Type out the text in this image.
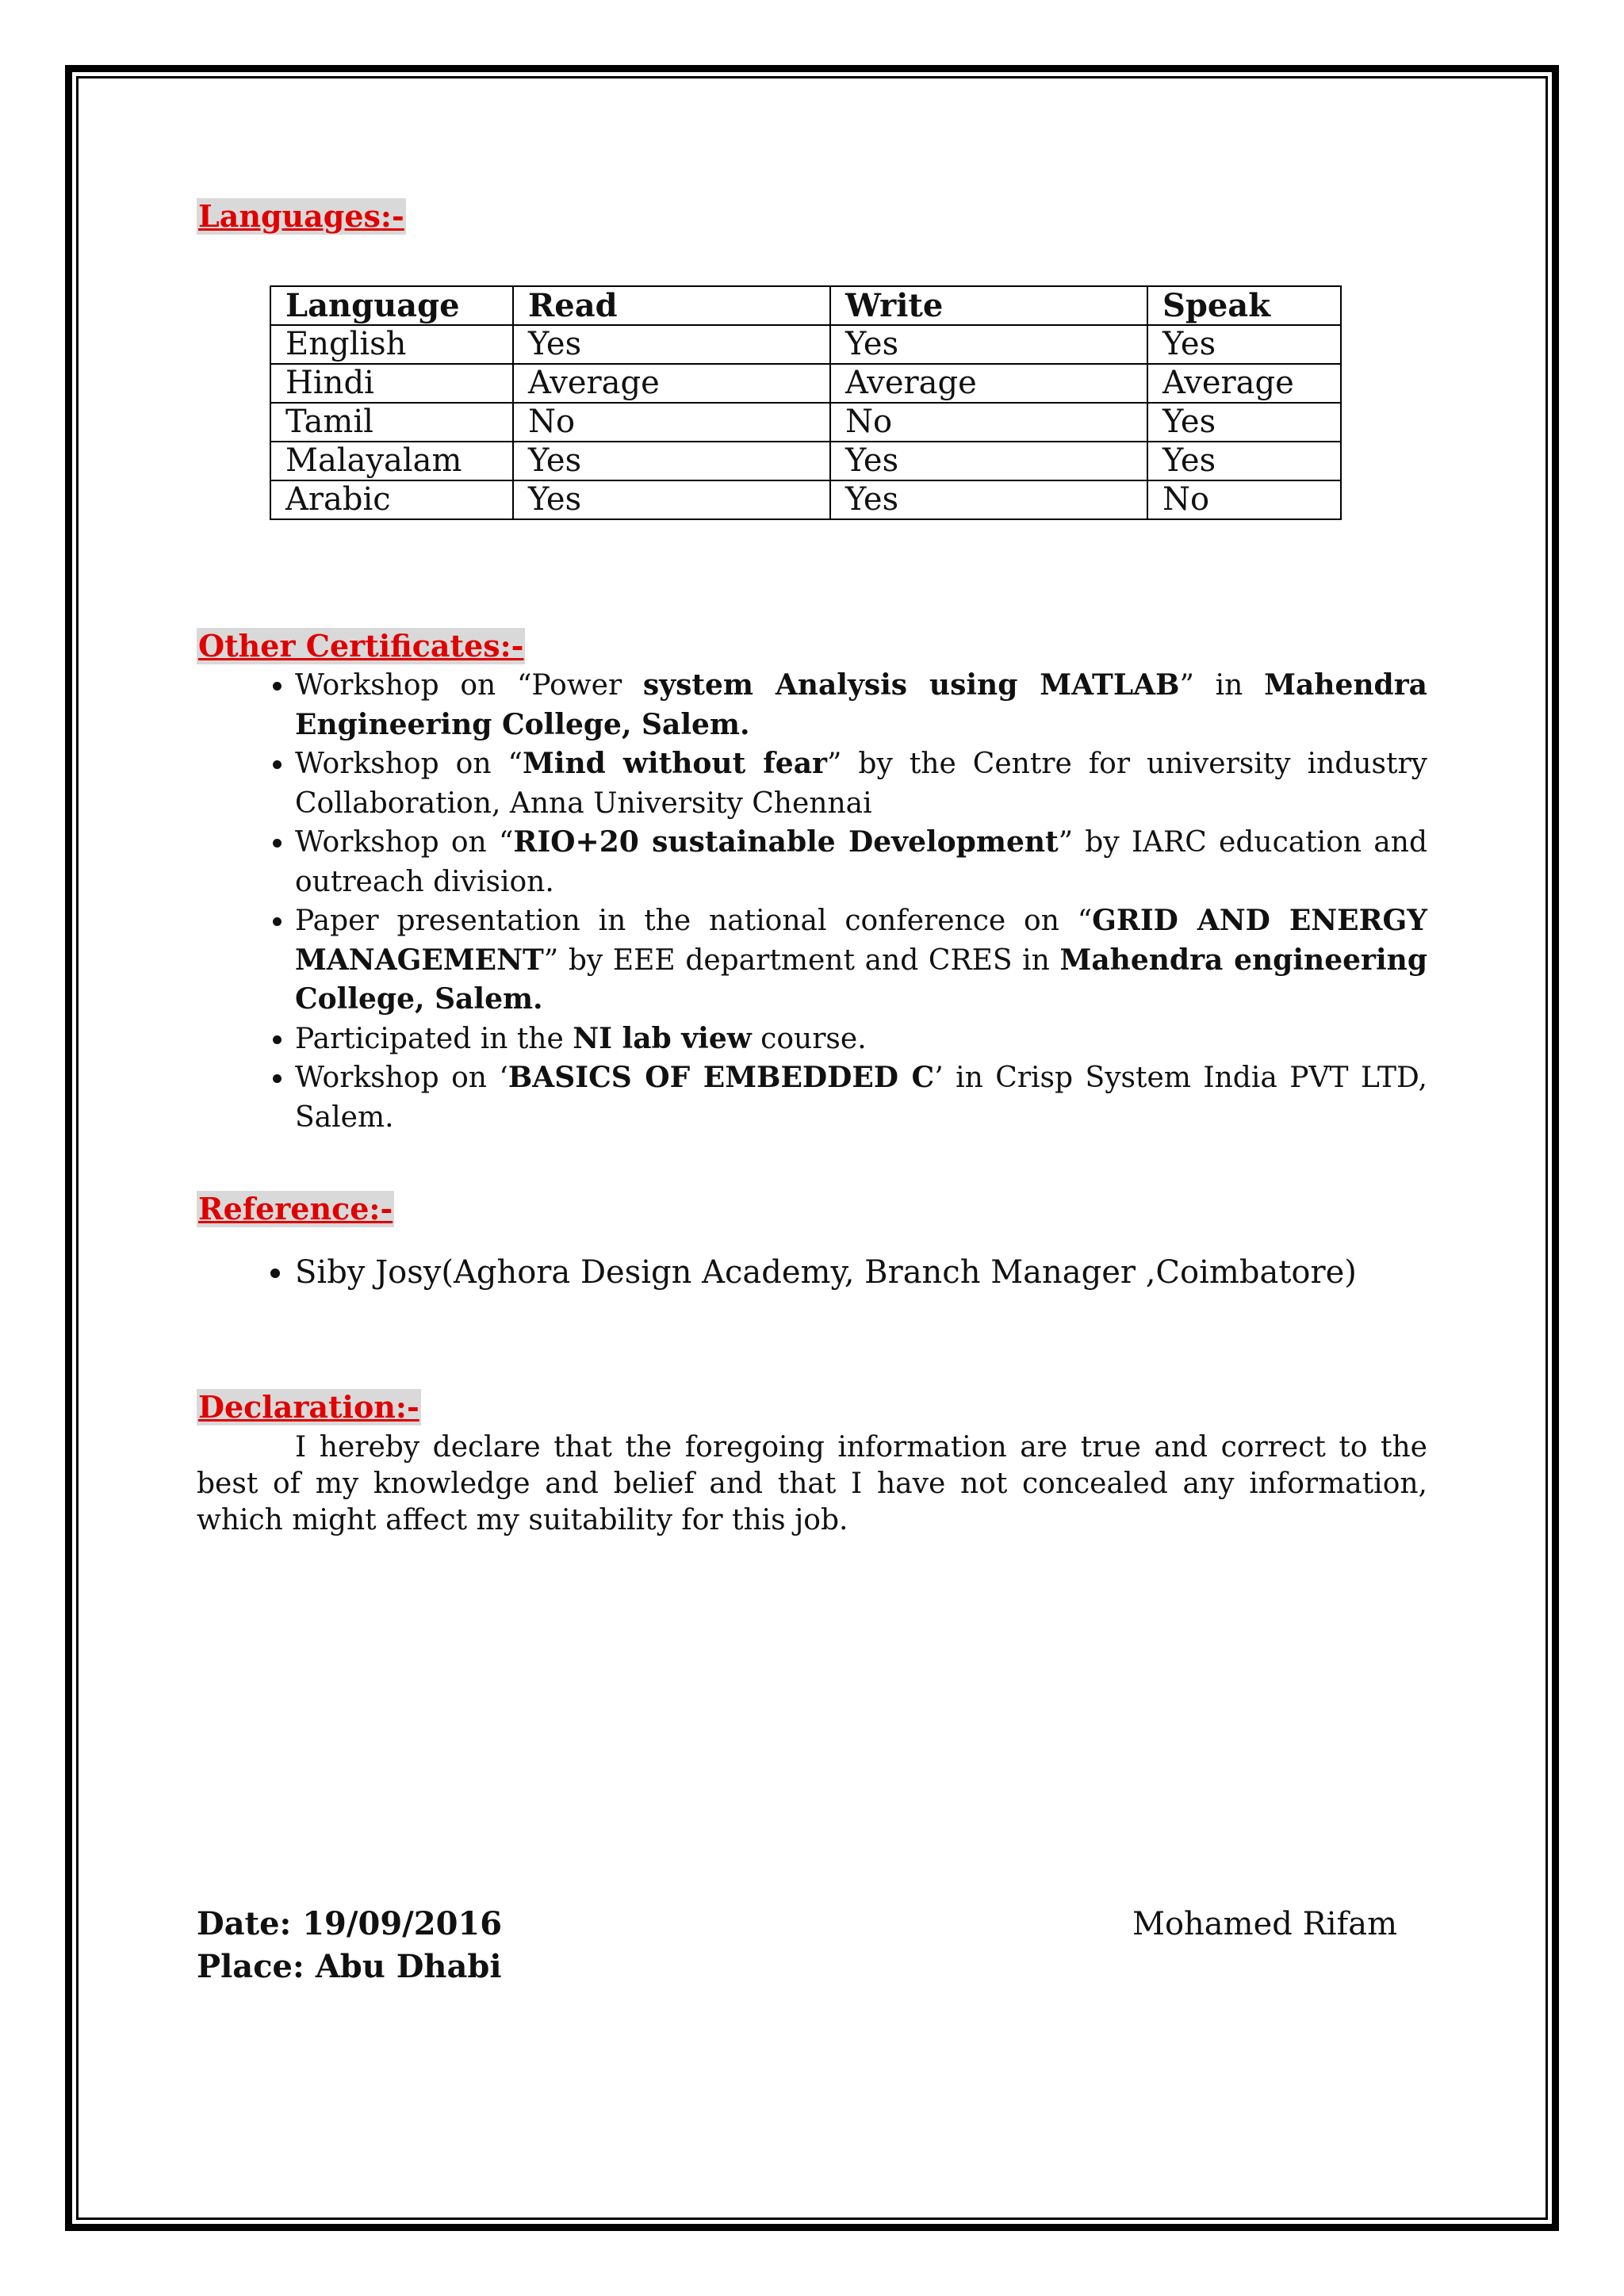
Languages:-
Language	Read	Write	Speak
English	Yes	Yes	Yes
Hindi	Average	Average	Average
Tamil	No	No	Yes
Malayalam	Yes	Yes	Yes
Arabic	Yes	Yes	No
Other Certificates:-
• Workshop on “Power system Analysis using MATLAB” in Mahendra Engineering College, Salem.
• Workshop on “Mind without fear” by the Centre for university industry Collaboration, Anna University Chennai
• Workshop on “RIO+20 sustainable Development” by IARC education and outreach division.
• Paper presentation in the national conference on “GRID AND ENERGY MANAGEMENT” by EEE department and CRES in Mahendra engineering College, Salem.
• Participated in the NI lab view course.
• Workshop on ‘BASICS OF EMBEDDED C’ in Crisp System India PVT LTD, Salem.
Reference:-
• Siby Josy(Aghora Design Academy, Branch Manager ,Coimbatore)
Declaration:-

I hereby declare that the foregoing information are true and correct to the best of my knowledge and belief and that I have not concealed any information, which might affect my suitability for this job.

Date: 19/09/2016
Place: Abu Dhabi
Mohamed Rifam
